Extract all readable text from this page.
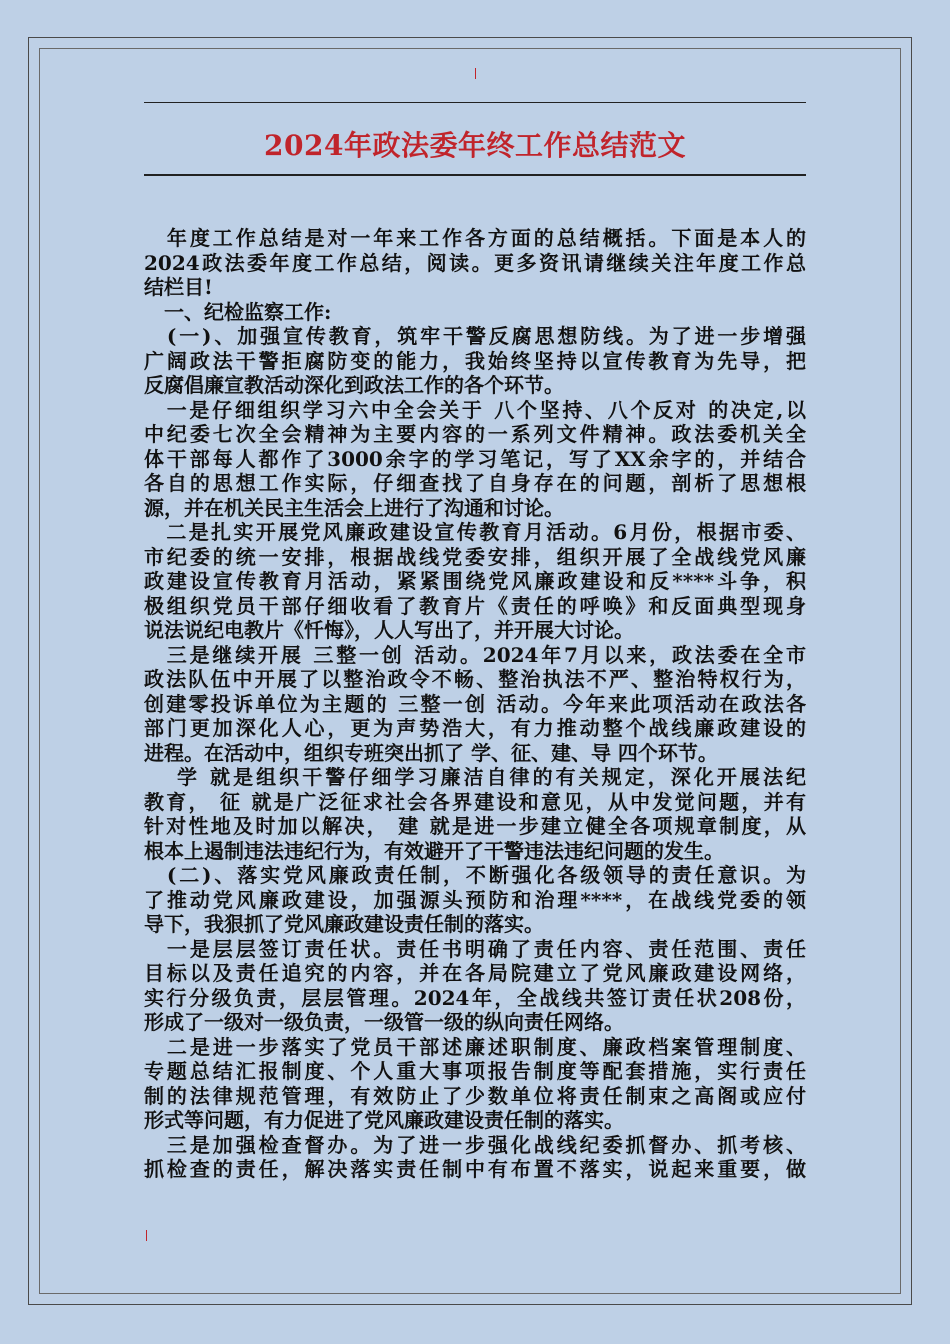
2024年政法委年终工作总结范文
　年度工作总结是对一年来工作各方面的总结概括。下面是本人的
2024政法委年度工作总结，阅读。更多资讯请继续关注年度工作总
结栏目!
　一、纪检监察工作:
　(一)、加强宣传教育，筑牢干警反腐思想防线。为了进一步增强
广阔政法干警拒腐防变的能力，我始终坚持以宣传教育为先导，把
反腐倡廉宣教活动深化到政法工作的各个环节。
　一是仔细组织学习六中全会关于 八个坚持、八个反对 的决定,以
中纪委七次全会精神为主要内容的一系列文件精神。政法委机关全
体干部每人都作了3000余字的学习笔记，写了XX余字的，并结合
各自的思想工作实际，仔细查找了自身存在的问题，剖析了思想根
源，并在机关民主生活会上进行了沟通和讨论。
　二是扎实开展党风廉政建设宣传教育月活动。6月份，根据市委、
市纪委的统一安排，根据战线党委安排，组织开展了全战线党风廉
政建设宣传教育月活动，紧紧围绕党风廉政建设和反****斗争，积
极组织党员干部仔细收看了教育片《责任的呼唤》和反面典型现身
说法说纪电教片《忏悔》，人人写出了，并开展大讨论。
　三是继续开展 三整一创 活动。2024年7月以来，政法委在全市
政法队伍中开展了以整治政令不畅、整治执法不严、整治特权行为，
创建零投诉单位为主题的 三整一创 活动。今年来此项活动在政法各
部门更加深化人心，更为声势浩大，有力推动整个战线廉政建设的
进程。在活动中，组织专班突出抓了 学、征、建、导 四个环节。
　 学 就是组织干警仔细学习廉洁自律的有关规定，深化开展法纪
教育， 征 就是广泛征求社会各界建设和意见，从中发觉问题，并有
针对性地及时加以解决， 建 就是进一步建立健全各项规章制度，从
根本上遏制违法违纪行为，有效避开了干警违法违纪问题的发生。
　(二)、落实党风廉政责任制，不断强化各级领导的责任意识。为
了推动党风廉政建设，加强源头预防和治理****，在战线党委的领
导下，我狠抓了党风廉政建设责任制的落实。
　一是层层签订责任状。责任书明确了责任内容、责任范围、责任
目标以及责任追究的内容，并在各局院建立了党风廉政建设网络，
实行分级负责，层层管理。2024年，全战线共签订责任状208份，
形成了一级对一级负责，一级管一级的纵向责任网络。
　二是进一步落实了党员干部述廉述职制度、廉政档案管理制度、
专题总结汇报制度、个人重大事项报告制度等配套措施，实行责任
制的法律规范管理，有效防止了少数单位将责任制束之高阁或应付
形式等问题，有力促进了党风廉政建设责任制的落实。
　三是加强检查督办。为了进一步强化战线纪委抓督办、抓考核、
抓检查的责任，解决落实责任制中有布置不落实，说起来重要，做
